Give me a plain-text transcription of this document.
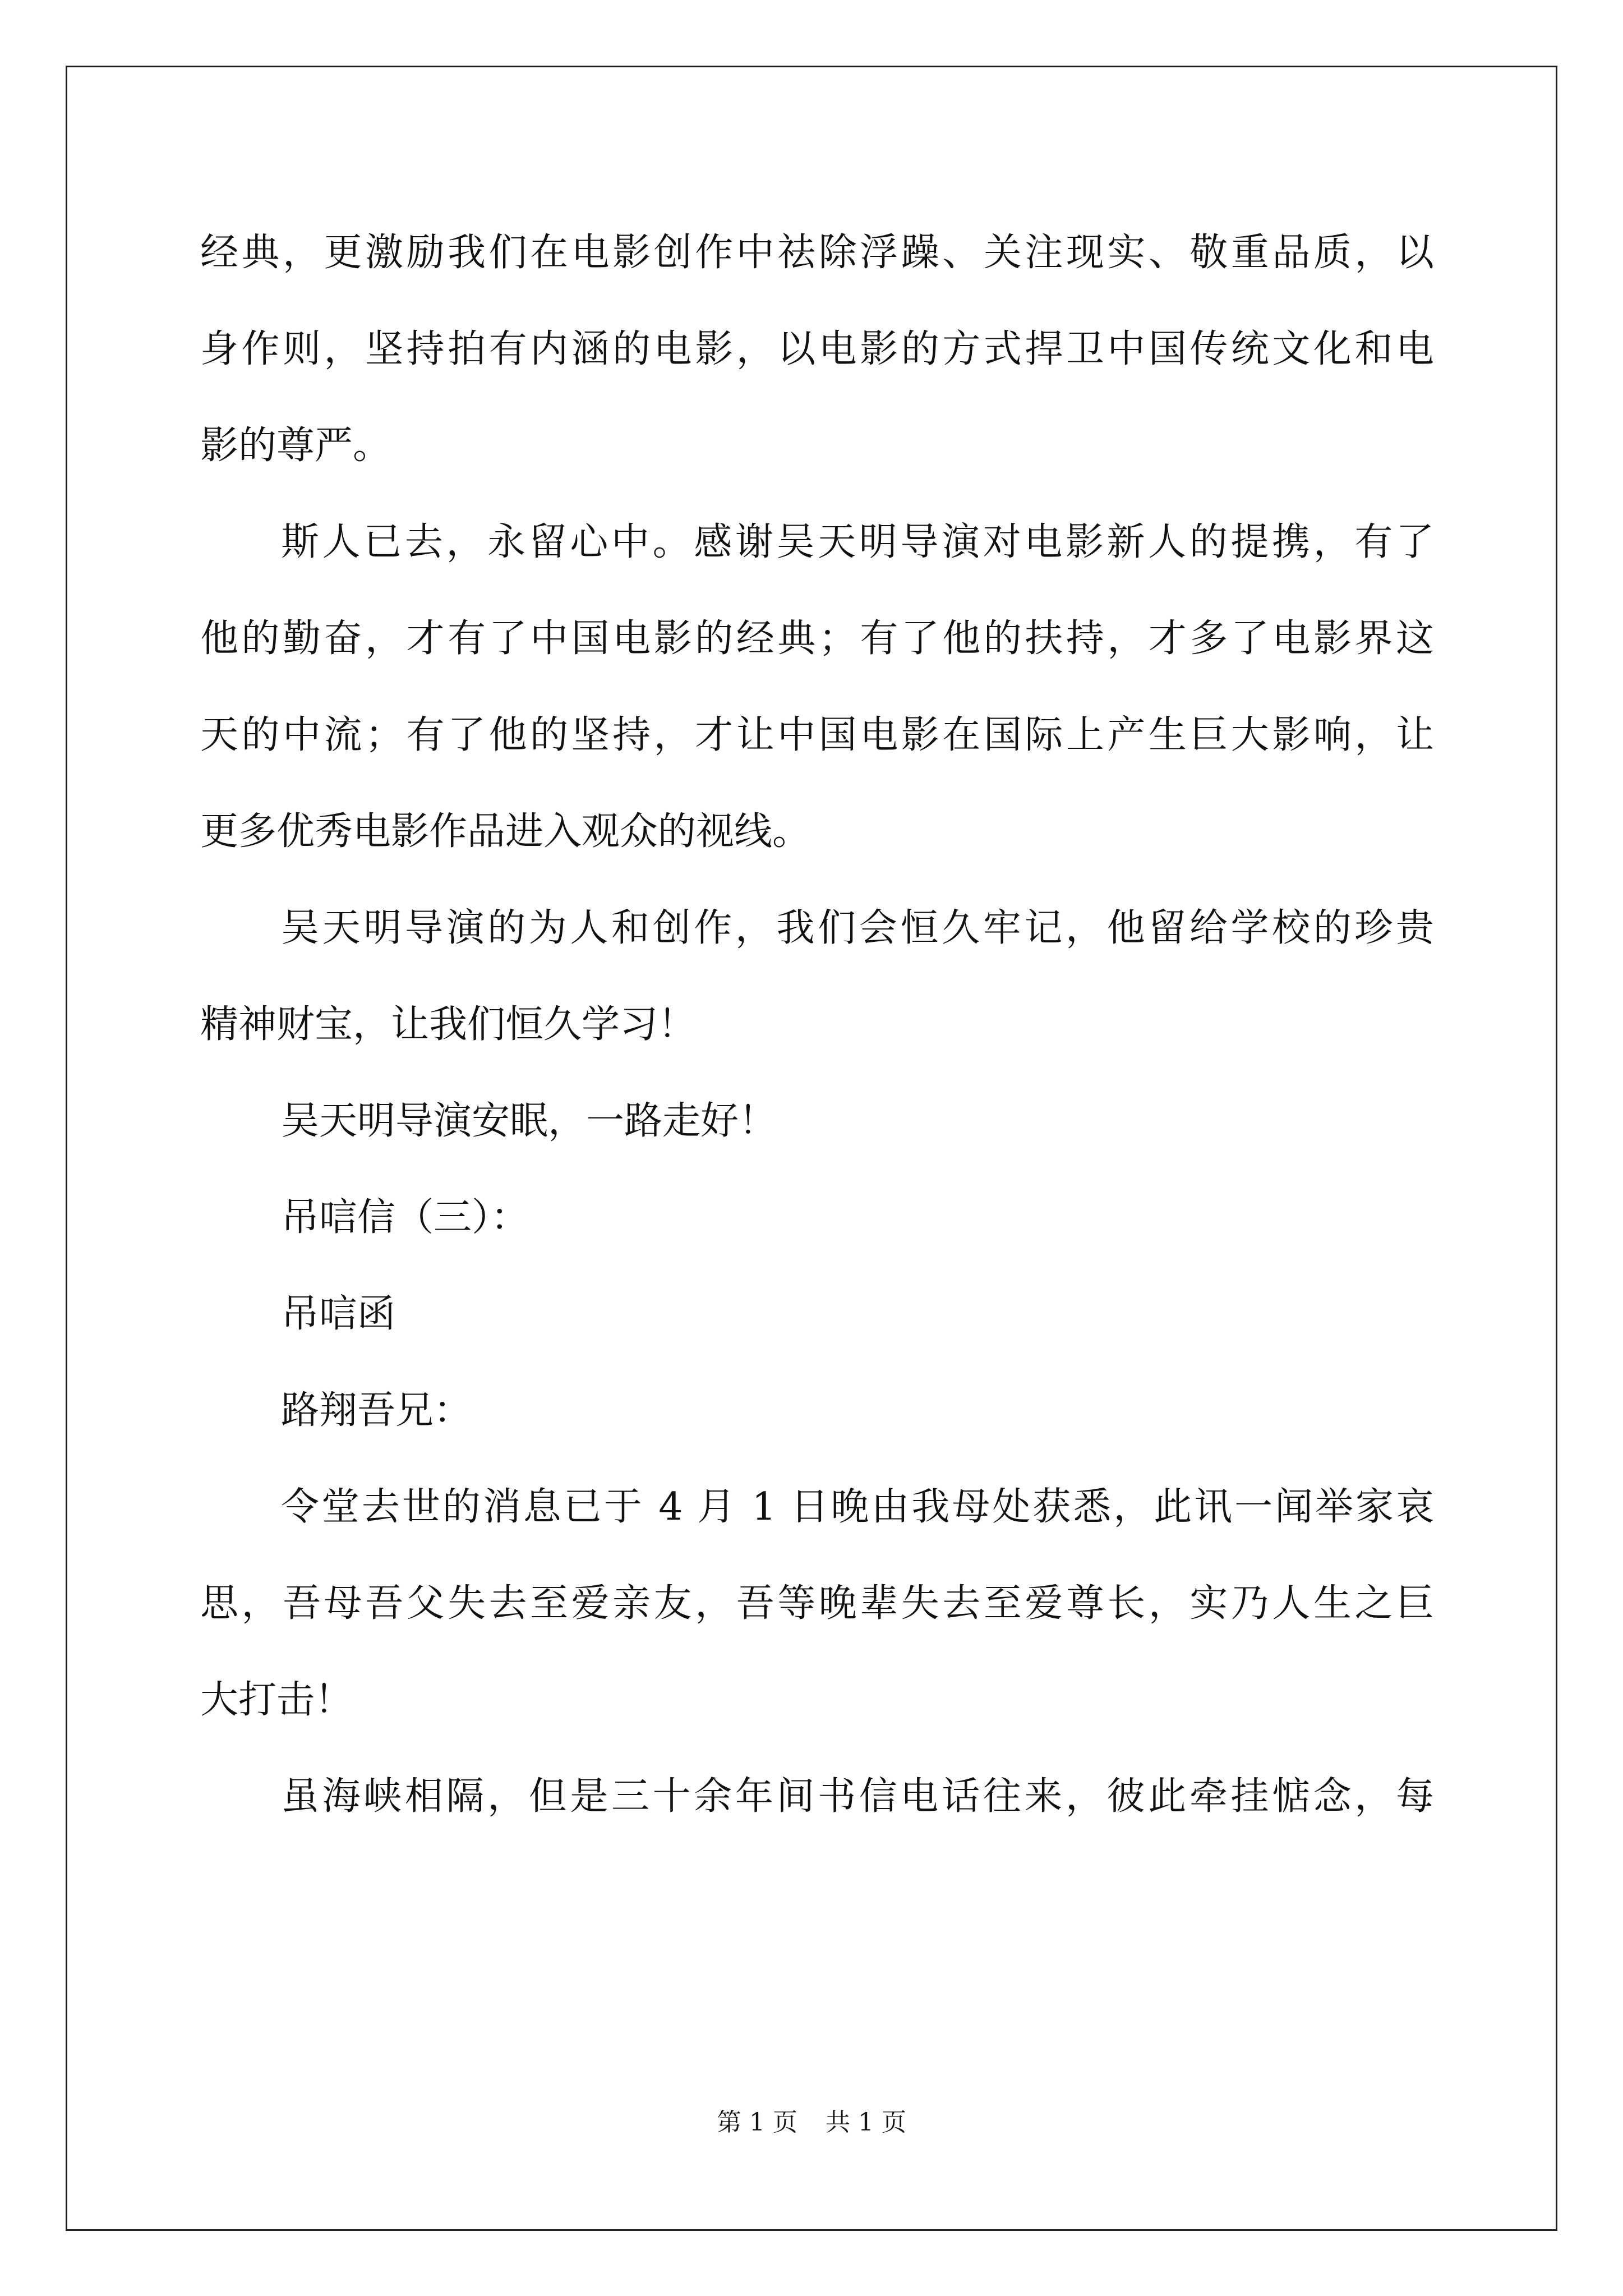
经典，更激励我们在电影创作中祛除浮躁、关注现实、敬重品质，以
身作则，坚持拍有内涵的电影，以电影的方式捍卫中国传统文化和电
影的尊严。
斯人已去，永留心中。感谢吴天明导演对电影新人的提携，有了
他的勤奋，才有了中国电影的经典；有了他的扶持，才多了电影界这
天的中流；有了他的坚持，才让中国电影在国际上产生巨大影响，让
更多优秀电影作品进入观众的视线。
吴天明导演的为人和创作，我们会恒久牢记，他留给学校的珍贵
精神财宝，让我们恒久学习！
吴天明导演安眠，一路走好！
吊唁信（三）：
吊唁函
路翔吾兄：
令堂去世的消息已于 4 月 1 日晚由我母处获悉，此讯一闻举家哀
思，吾母吾父失去至爱亲友，吾等晚辈失去至爱尊长，实乃人生之巨
大打击！
虽海峡相隔，但是三十余年间书信电话往来，彼此牵挂惦念，每
第 1 页 共 1 页
